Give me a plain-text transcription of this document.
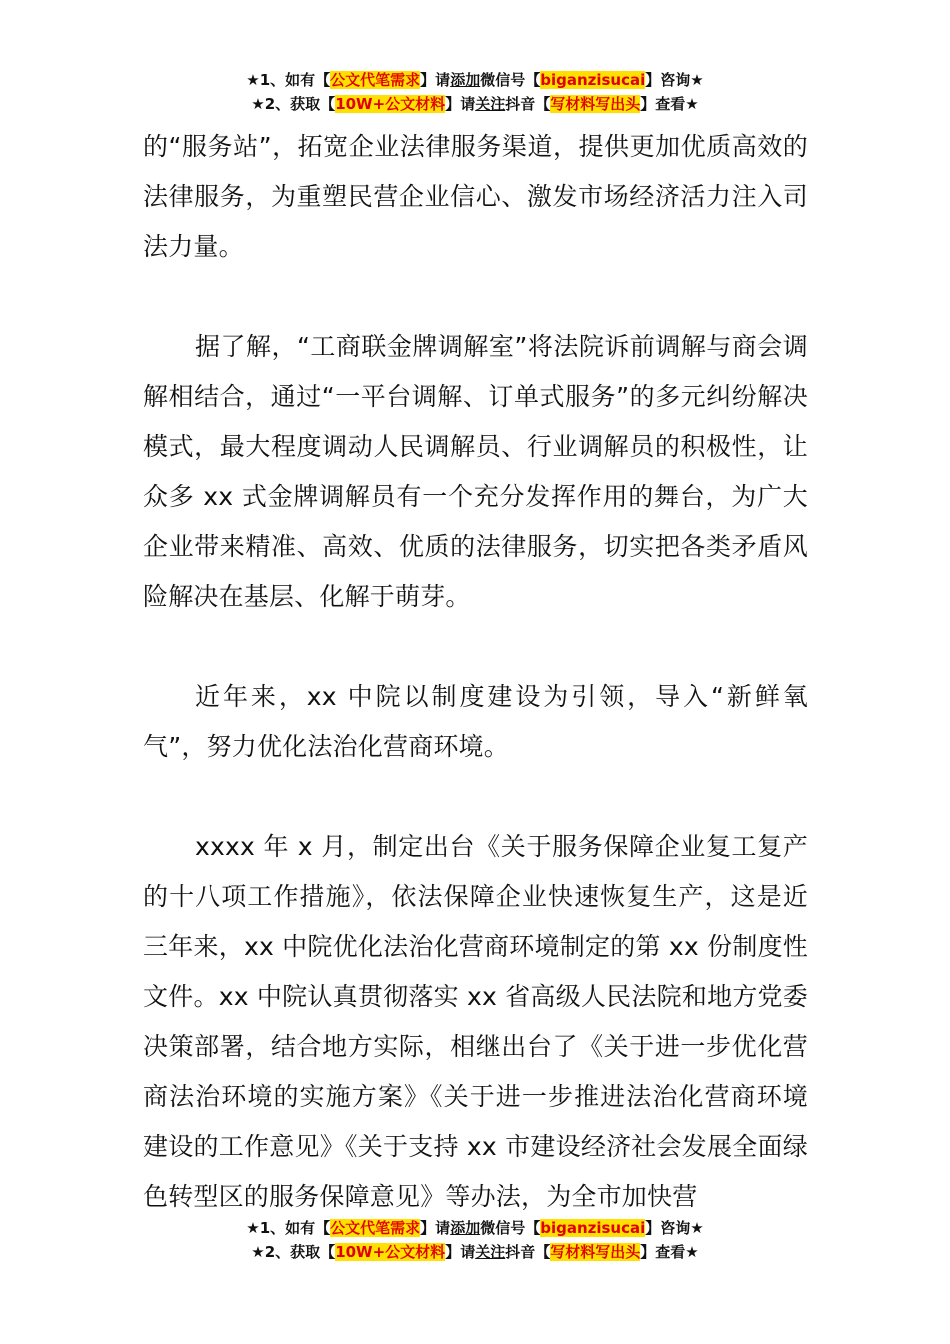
★1、如有【公文代笔需求】请添加微信号【biganzisucai】咨询★
★2、获取【10W+公文材料】请关注抖音【写材料写出头】查看★

的“服务站”，拓宽企业法律服务渠道，提供更加优质高效的法律服务，为重塑民营企业信心、激发市场经济活力注入司法力量。

据了解，“工商联金牌调解室”将法院诉前调解与商会调解相结合，通过“一平台调解、订单式服务”的多元纠纷解决模式，最大程度调动人民调解员、行业调解员的积极性，让众多 xx 式金牌调解员有一个充分发挥作用的舞台，为广大企业带来精准、高效、优质的法律服务，切实把各类矛盾风险解决在基层、化解于萌芽。

近年来，xx 中院以制度建设为引领，导入“新鲜氧气”，努力优化法治化营商环境。

xxxx 年 x 月，制定出台《关于服务保障企业复工复产的十八项工作措施》，依法保障企业快速恢复生产，这是近三年来，xx 中院优化法治化营商环境制定的第 xx 份制度性文件。xx 中院认真贯彻落实 xx 省高级人民法院和地方党委决策部署，结合地方实际，相继出台了《关于进一步优化营商法治环境的实施方案》《关于进一步推进法治化营商环境建设的工作意见》《关于支持 xx 市建设经济社会发展全面绿色转型区的服务保障意见》等办法，为全市加快营

★1、如有【公文代笔需求】请添加微信号【biganzisucai】咨询★
★2、获取【10W+公文材料】请关注抖音【写材料写出头】查看★
